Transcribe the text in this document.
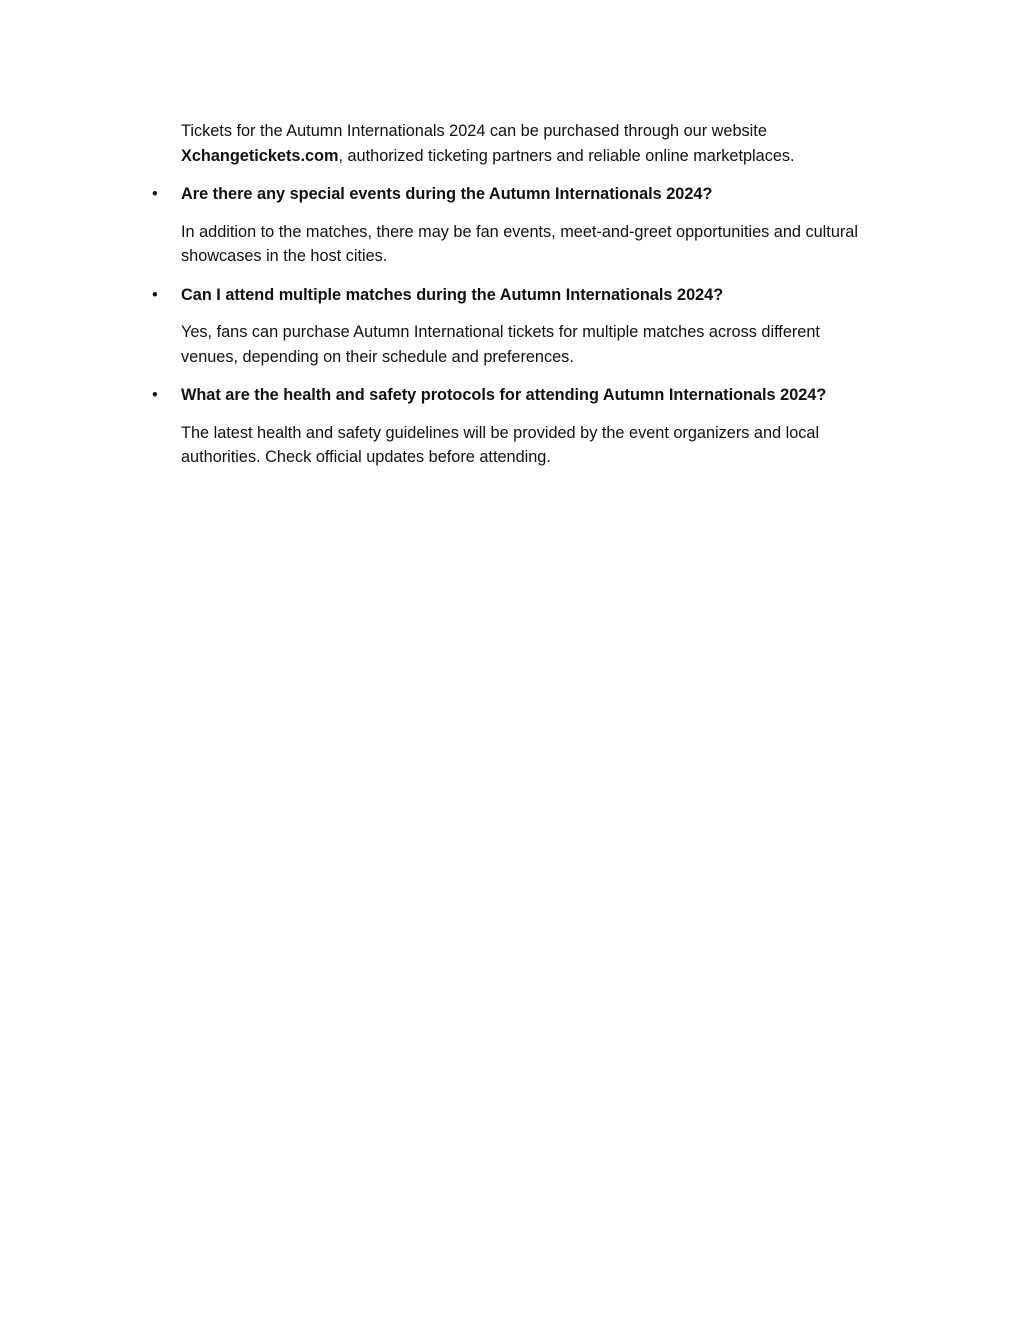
Tickets for the Autumn Internationals 2024 can be purchased through our website
Xchangetickets.com, authorized ticketing partners and reliable online marketplaces.

• Are there any special events during the Autumn Internationals 2024?

In addition to the matches, there may be fan events, meet-and-greet opportunities and cultural
showcases in the host cities.

• Can I attend multiple matches during the Autumn Internationals 2024?

Yes, fans can purchase Autumn International tickets for multiple matches across different
venues, depending on their schedule and preferences.

• What are the health and safety protocols for attending Autumn Internationals 2024?

The latest health and safety guidelines will be provided by the event organizers and local
authorities. Check official updates before attending.
